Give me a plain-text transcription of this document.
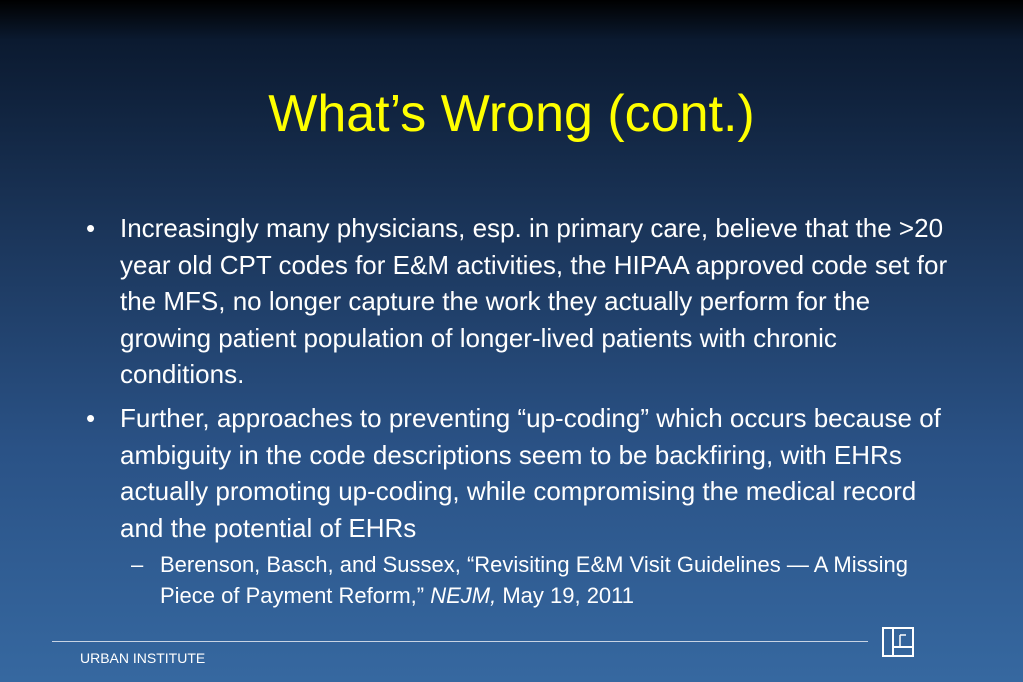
What’s Wrong (cont.)
• Increasingly many physicians, esp. in primary care, believe that the >20 year old CPT codes for E&M activities, the HIPAA approved code set for the MFS, no longer capture the work they actually perform for the growing patient population of longer-lived patients with chronic conditions.
• Further, approaches to preventing “up-coding” which occurs because of ambiguity in the code descriptions seem to be backfiring, with EHRs actually promoting up-coding, while compromising the medical record and the potential of EHRs
– Berenson, Basch, and Sussex, “Revisiting E&M Visit Guidelines — A Missing Piece of Payment Reform,” NEJM, May 19, 2011
URBAN INSTITUTE
